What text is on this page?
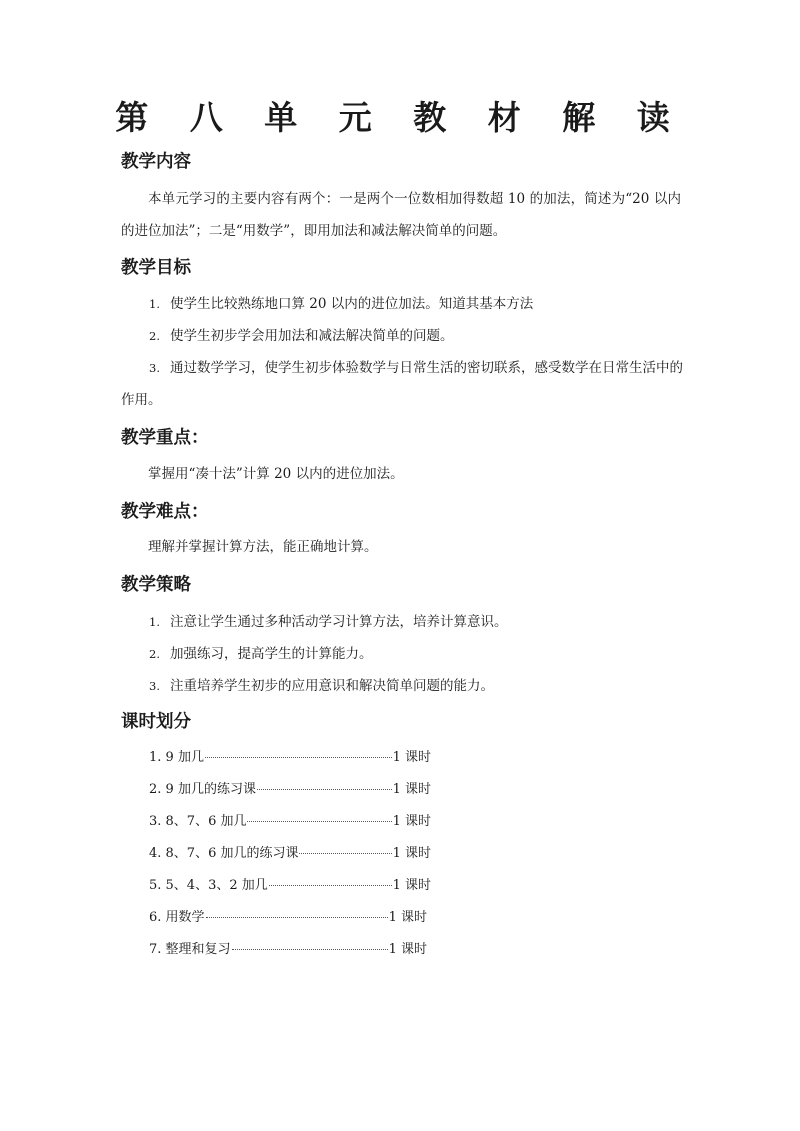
第 八 单 元 教 材 解 读
教学内容
本单元学习的主要内容有两个：一是两个一位数相加得数超 10 的加法，简述为“20 以内的进位加法”；二是“用数学”，即用加法和减法解决简单的问题。
教学目标
1. 使学生比较熟练地口算 20 以内的进位加法。知道其基本方法
2. 使学生初步学会用加法和减法解决简单的问题。
3. 通过数学学习，使学生初步体验数学与日常生活的密切联系，感受数学在日常生活中的作用。
教学重点：
掌握用“凑十法”计算 20 以内的进位加法。
教学难点：
理解并掌握计算方法，能正确地计算。
教学策略
1. 注意让学生通过多种活动学习计算方法，培养计算意识。
2. 加强练习，提高学生的计算能力。
3. 注重培养学生初步的应用意识和解决简单问题的能力。
课时划分
1. 9 加几	1 课时
2. 9 加几的练习课	1 课时
3. 8、7、6 加几	1 课时
4. 8、7、6 加几的练习课	1 课时
5. 5、4、3、2 加几	1 课时
6. 用数学	1 课时
7. 整理和复习	1 课时
